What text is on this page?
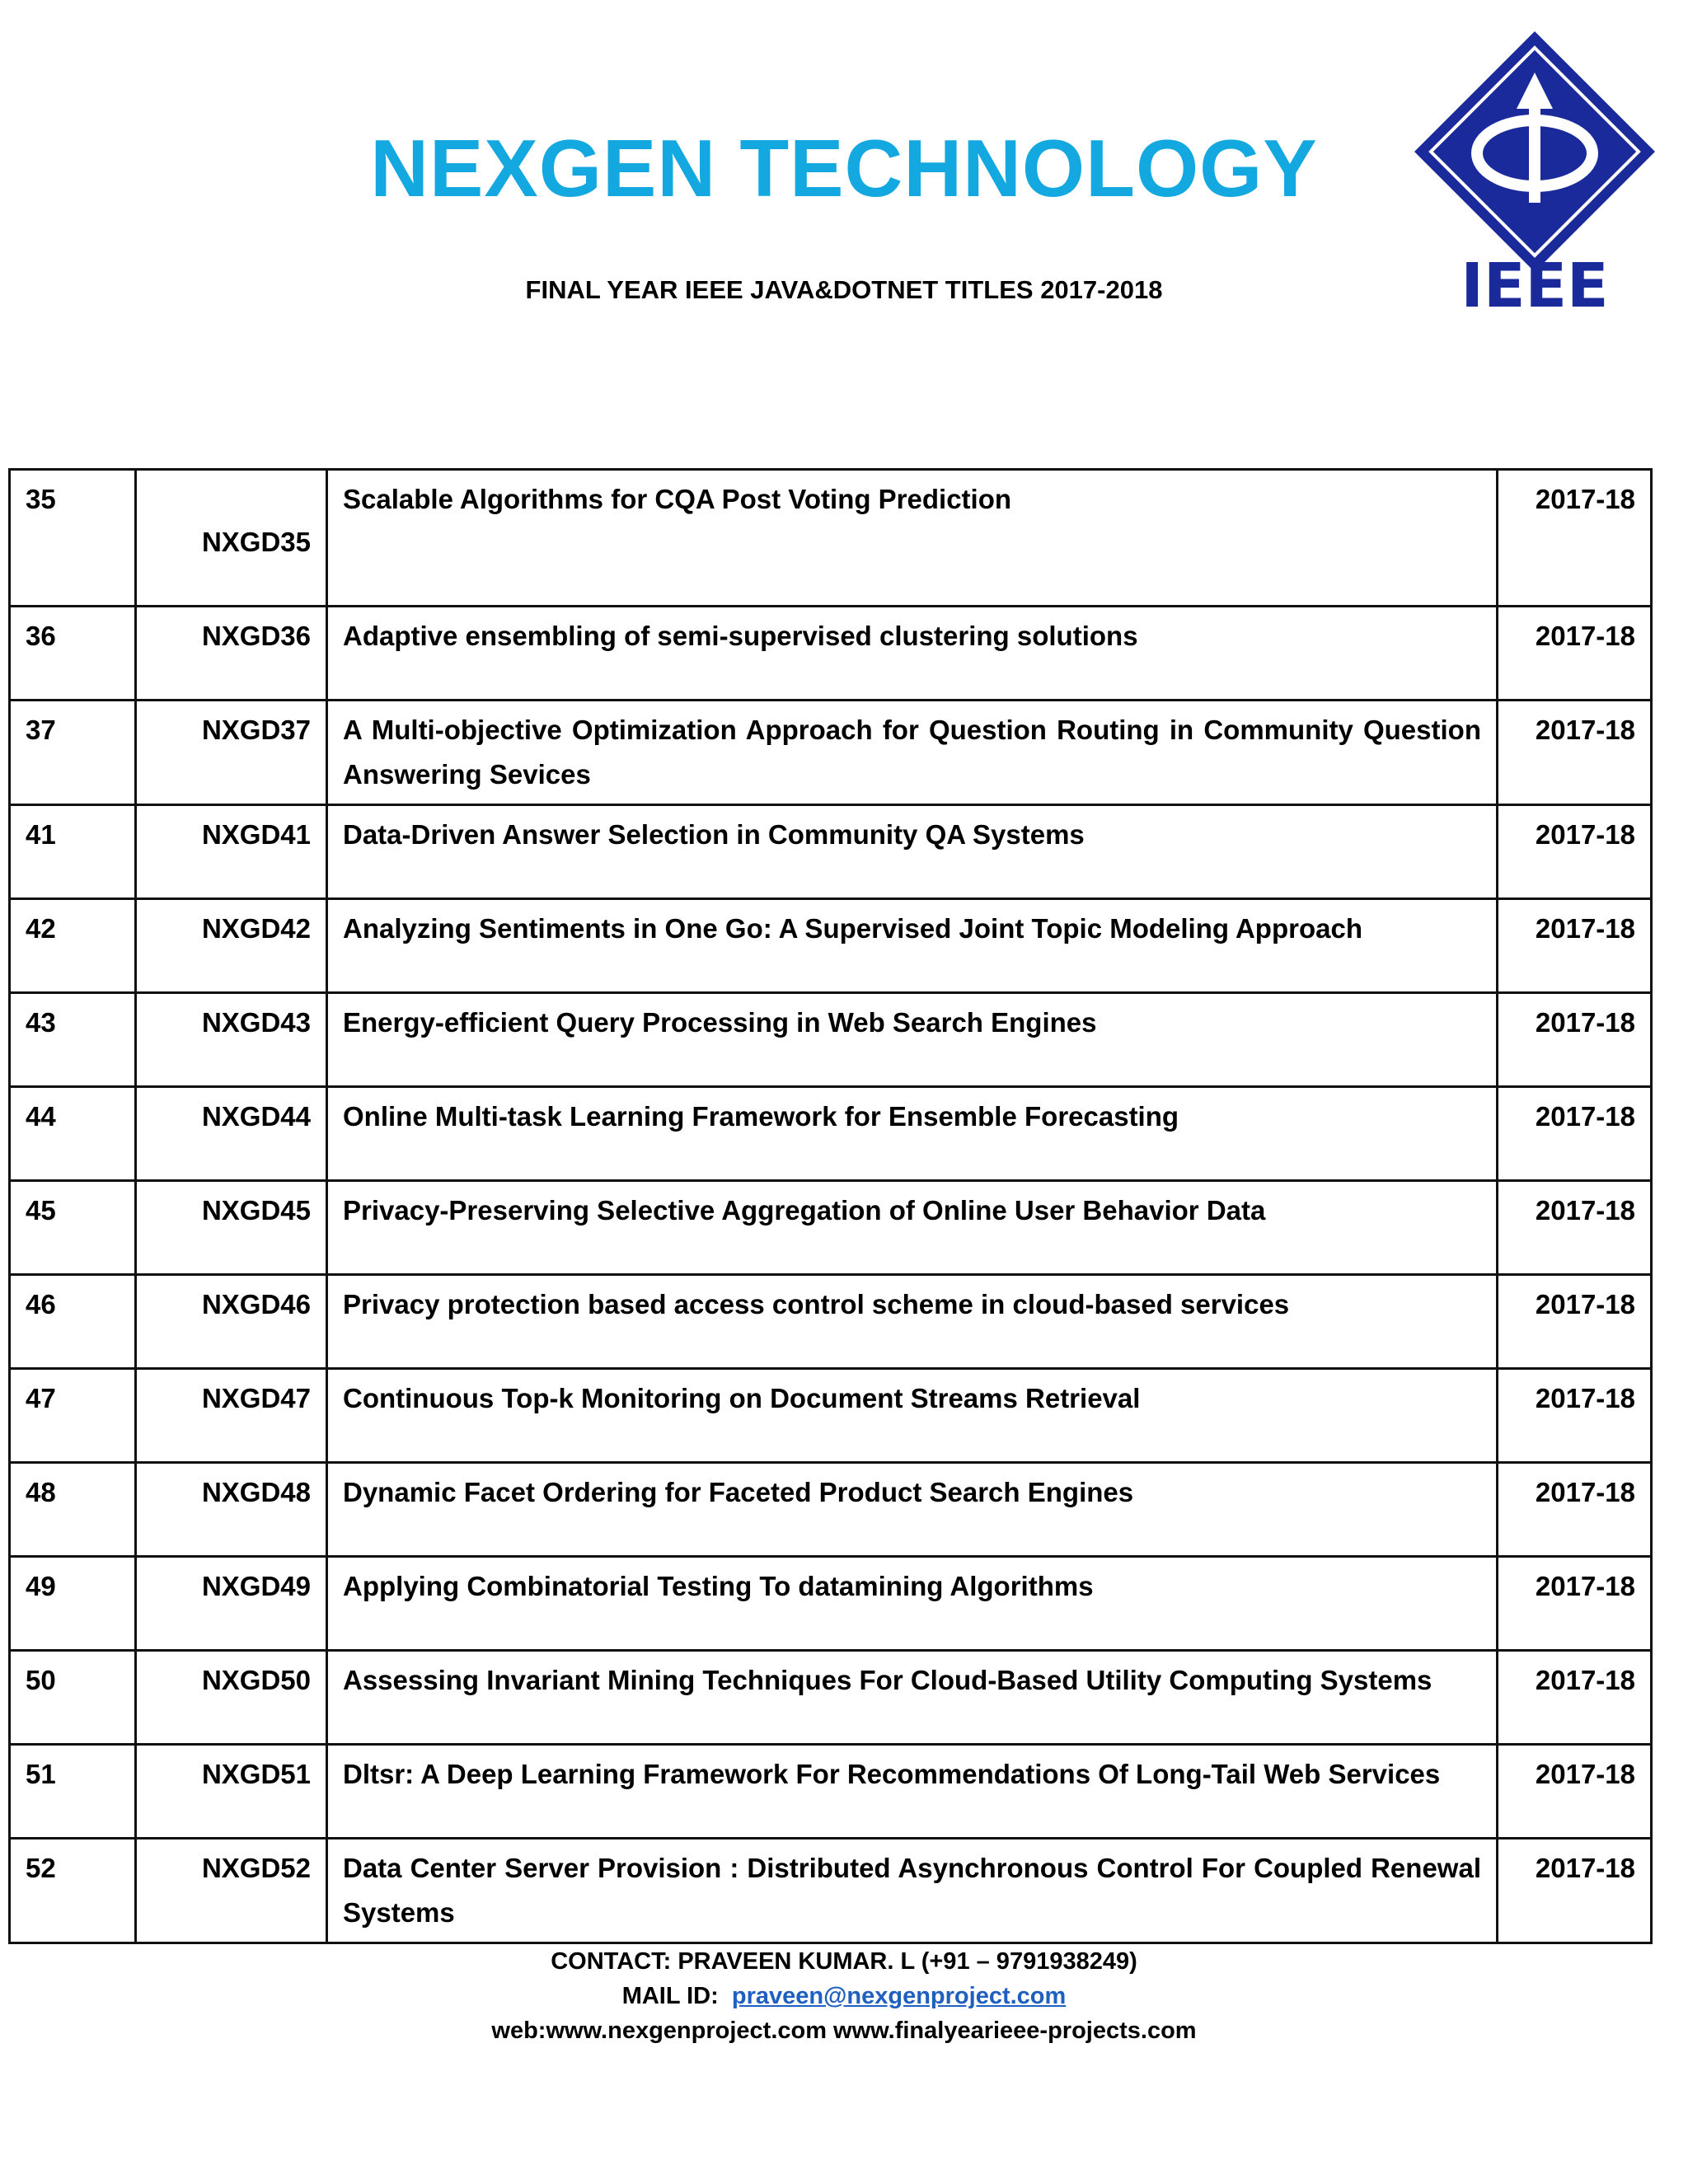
NEXGEN TECHNOLOGY

FINAL YEAR IEEE JAVA&DOTNET TITLES 2017-2018	IEEE
35	NXGD35	Scalable Algorithms for CQA Post Voting Prediction	2017-18
36	NXGD36	Adaptive ensembling of semi-supervised clustering solutions	2017-18
37	NXGD37	A Multi-objective Optimization Approach for Question Routing in Community Question Answering Sevices	2017-18
41	NXGD41	Data-Driven Answer Selection in Community QA Systems	2017-18
42	NXGD42	Analyzing Sentiments in One Go: A Supervised Joint Topic Modeling Approach	2017-18
43	NXGD43	Energy-efficient Query Processing in Web Search Engines	2017-18
44	NXGD44	Online Multi-task Learning Framework for Ensemble Forecasting	2017-18
45	NXGD45	Privacy-Preserving Selective Aggregation of Online User Behavior Data	2017-18
46	NXGD46	Privacy protection based access control scheme in cloud-based services	2017-18
47	NXGD47	Continuous Top-k Monitoring on Document Streams Retrieval	2017-18
48	NXGD48	Dynamic Facet Ordering for Faceted Product Search Engines	2017-18
49	NXGD49	Applying Combinatorial Testing To datamining Algorithms	2017-18
50	NXGD50	Assessing Invariant Mining Techniques For Cloud-Based Utility Computing Systems	2017-18
51	NXGD51	Dltsr: A Deep Learning Framework For Recommendations Of Long-Tail Web Services	2017-18
52	NXGD52	Data Center Server Provision : Distributed Asynchronous Control For Coupled Renewal Systems	2017-18

CONTACT: PRAVEEN KUMAR. L (+91 – 9791938249)

MAIL ID: praveen@nexgenproject.com

web:www.nexgenproject.com www.finalyearieee-projects.com
